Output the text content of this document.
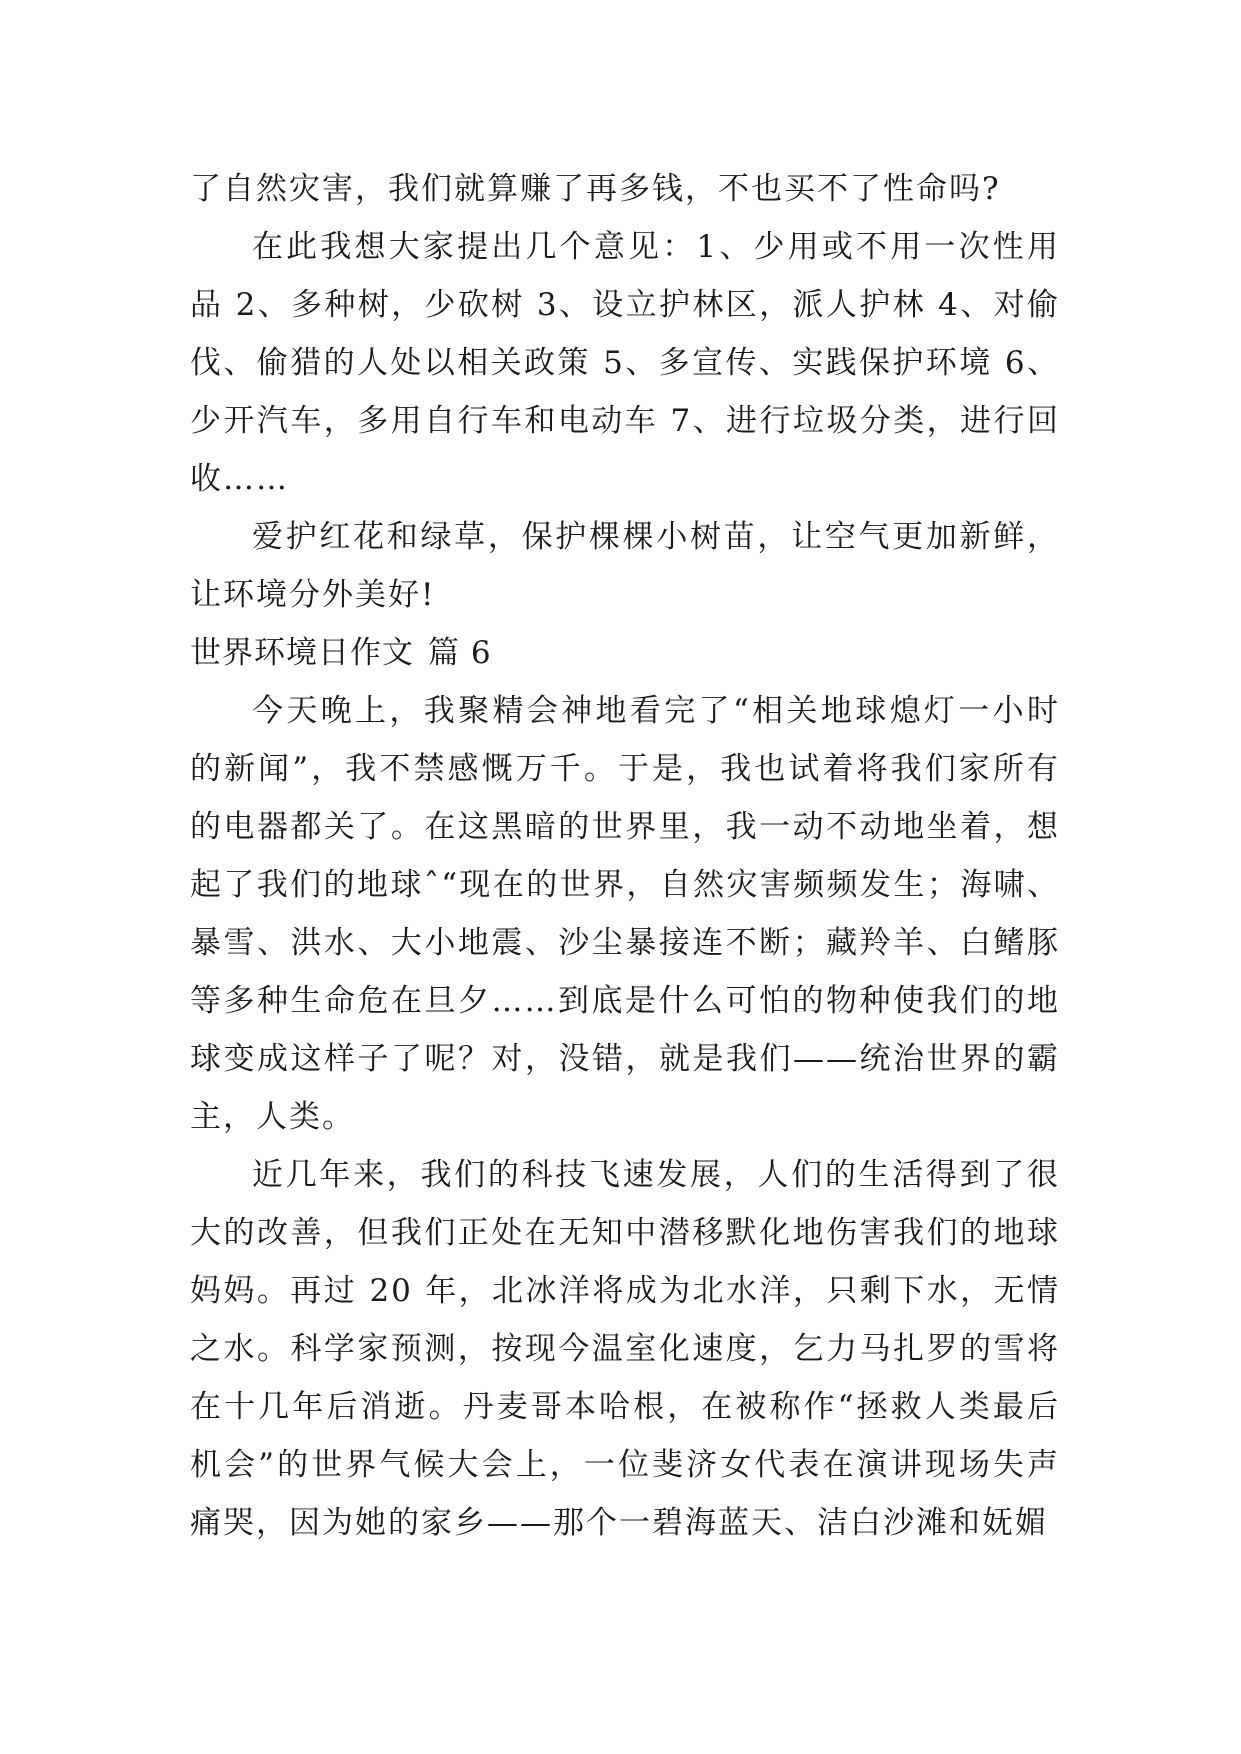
了自然灾害，我们就算赚了再多钱，不也买不了性命吗?

在此我想大家提出几个意见：1、少用或不用一次性用品 2、多种树，少砍树 3、设立护林区，派人护林 4、对偷伐、偷猎的人处以相关政策 5、多宣传、实践保护环境 6、少开汽车，多用自行车和电动车 7、进行垃圾分类，进行回收……

爱护红花和绿草，保护棵棵小树苗，让空气更加新鲜，让环境分外美好!

世界环境日作文 篇 6

今天晚上，我聚精会神地看完了“相关地球熄灯一小时的新闻”，我不禁感慨万千。于是，我也试着将我们家所有的电器都关了。在这黑暗的世界里，我一动不动地坐着，想起了我们的地球ˆ“现在的世界，自然灾害频频发生；海啸、暴雪、洪水、大小地震、沙尘暴接连不断；藏羚羊、白鳍豚等多种生命危在旦夕……到底是什么可怕的物种使我们的地球变成这样子了呢？对，没错，就是我们——统治世界的霸主，人类。

近几年来，我们的科技飞速发展，人们的生活得到了很大的改善，但我们正处在无知中潜移默化地伤害我们的地球妈妈。再过 20 年，北冰洋将成为北水洋，只剩下水，无情之水。科学家预测，按现今温室化速度，乞力马扎罗的雪将在十几年后消逝。丹麦哥本哈根，在被称作“拯救人类最后机会”的世界气候大会上，一位斐济女代表在演讲现场失声痛哭，因为她的家乡——那个一碧海蓝天、洁白沙滩和妩媚
